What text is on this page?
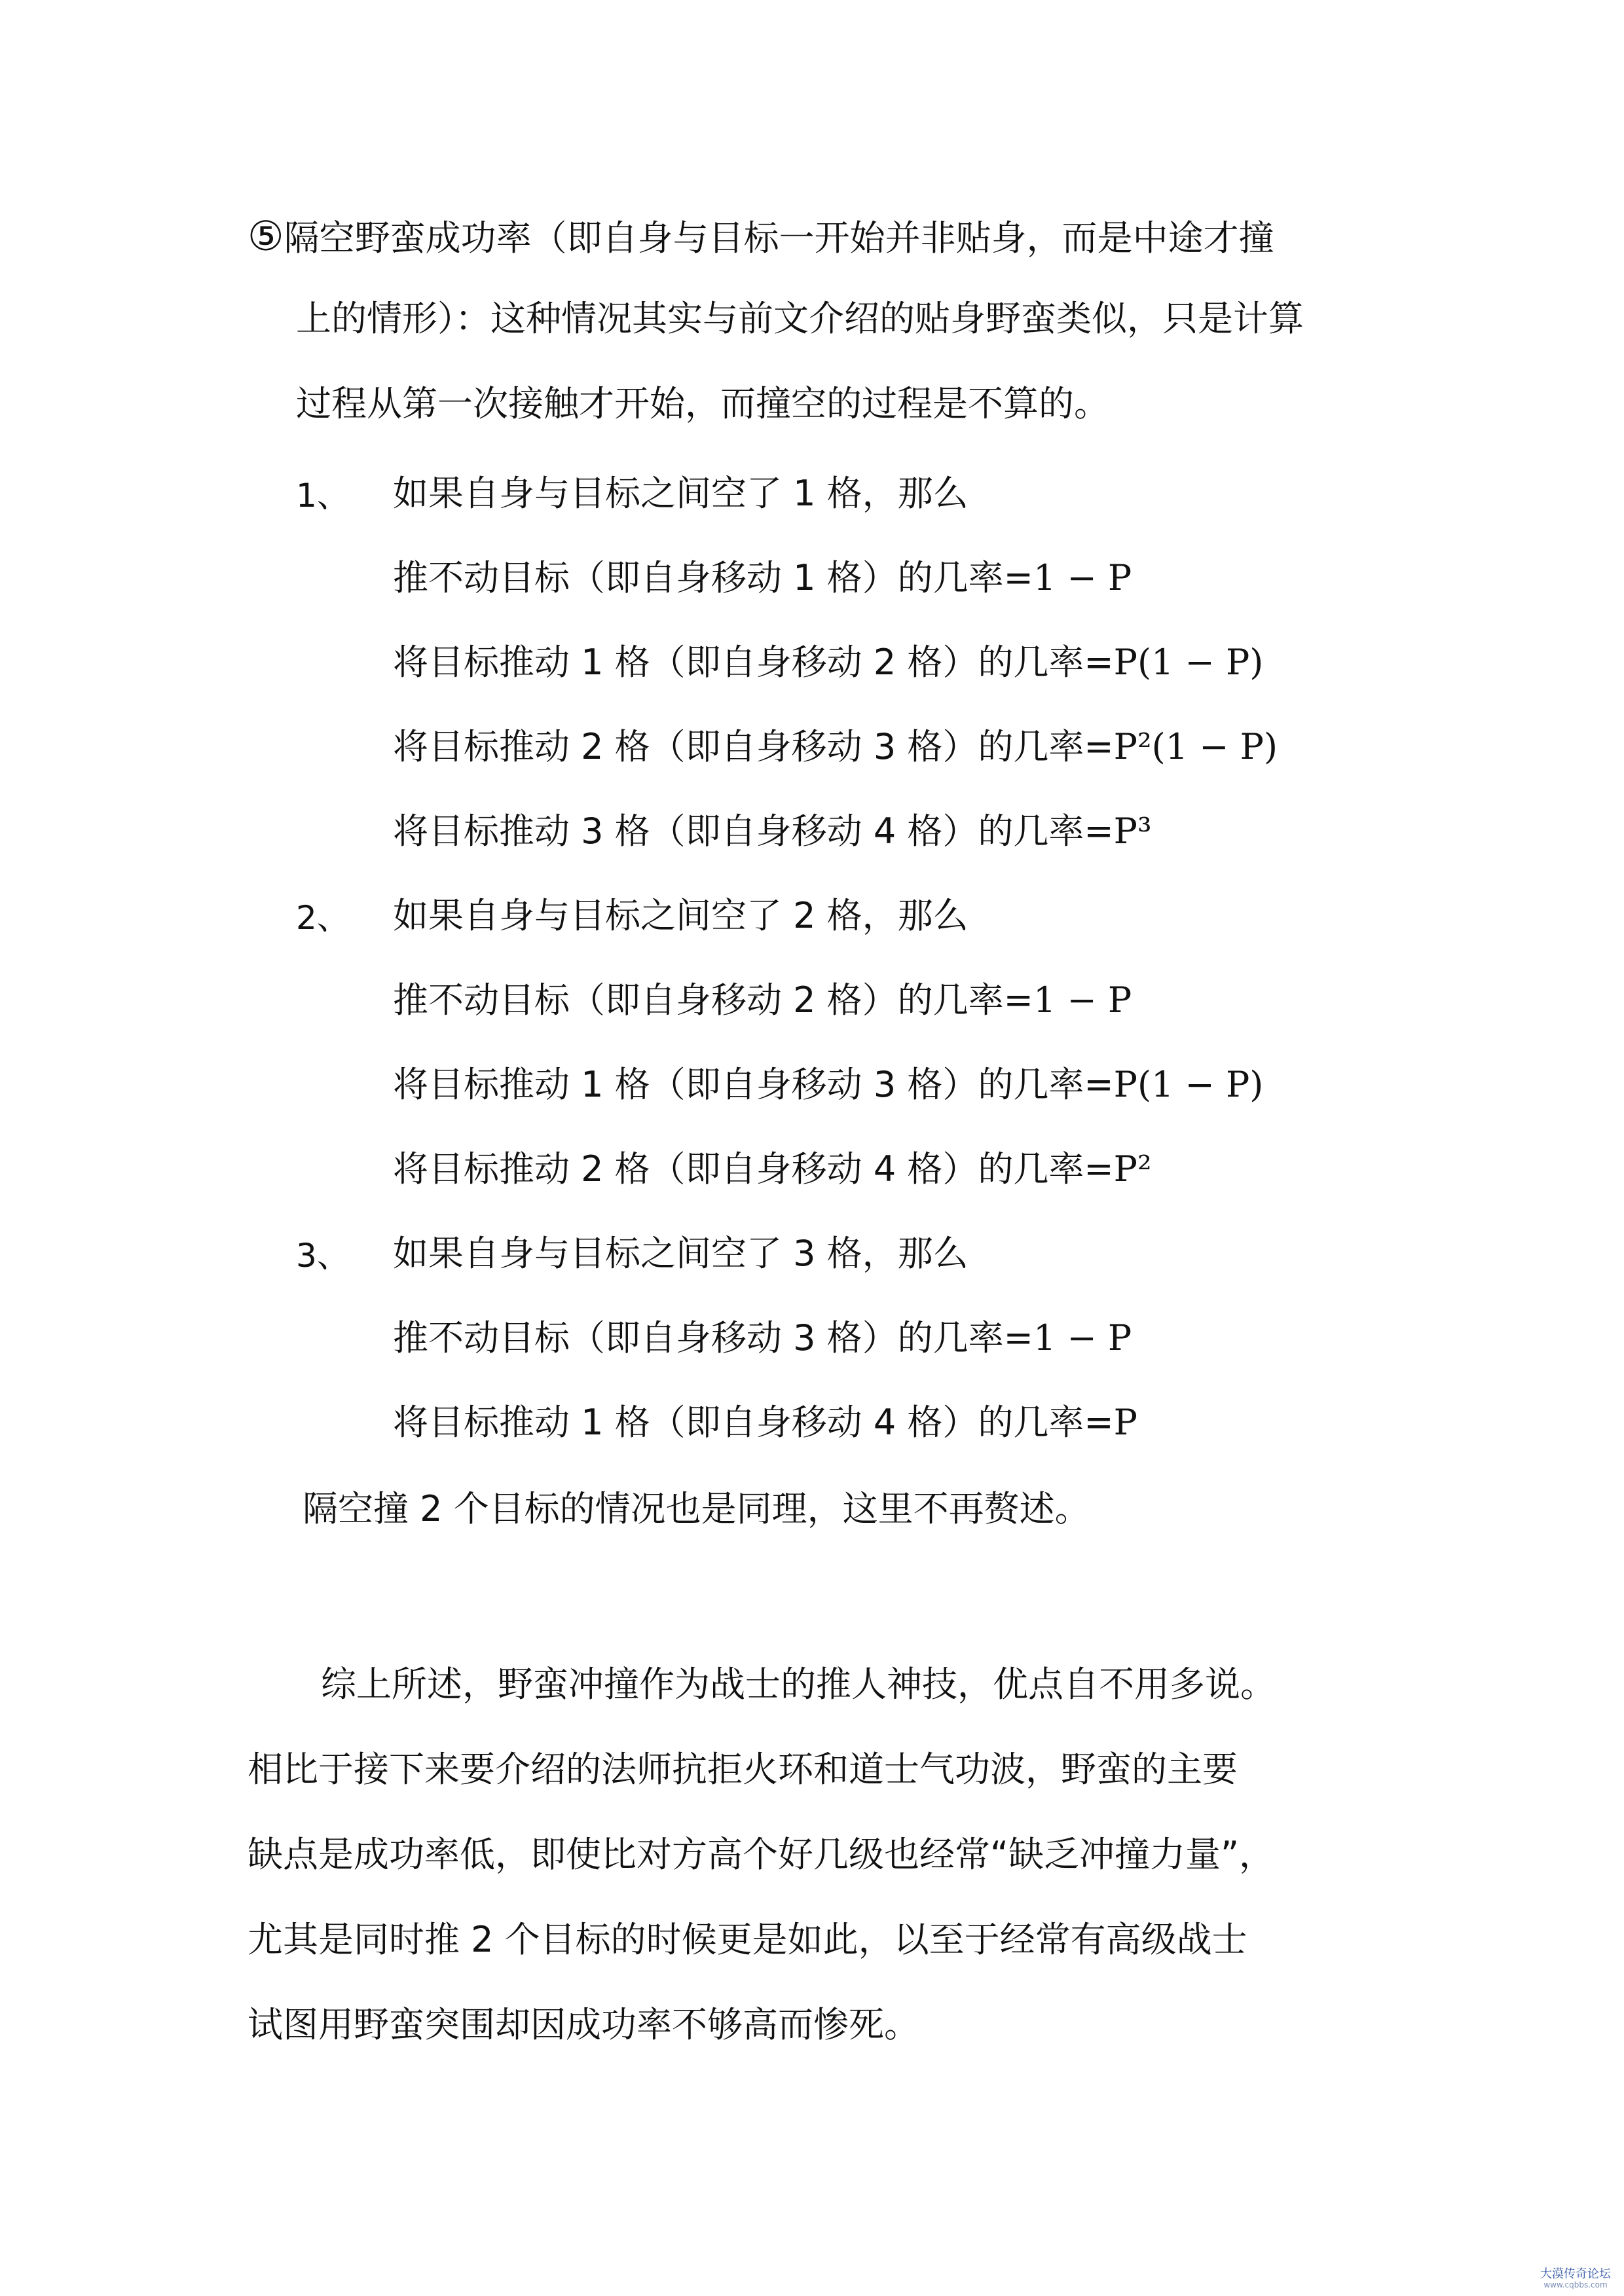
⑤隔空野蛮成功率（即自身与目标一开始并非贴身，而是中途才撞
上的情形）：这种情况其实与前文介绍的贴身野蛮类似，只是计算
过程从第一次接触才开始，而撞空的过程是不算的。
1、 如果自身与目标之间空了 1 格，那么
推不动目标（即自身移动 1 格）的几率=1 − P
将目标推动 1 格（即自身移动 2 格）的几率=P(1 − P)
将目标推动 2 格（即自身移动 3 格）的几率=P²(1 − P)
将目标推动 3 格（即自身移动 4 格）的几率=P³
2、 如果自身与目标之间空了 2 格，那么
推不动目标（即自身移动 2 格）的几率=1 − P
将目标推动 1 格（即自身移动 3 格）的几率=P(1 − P)
将目标推动 2 格（即自身移动 4 格）的几率=P²
3、 如果自身与目标之间空了 3 格，那么
推不动目标（即自身移动 3 格）的几率=1 − P
将目标推动 1 格（即自身移动 4 格）的几率=P
隔空撞 2 个目标的情况也是同理，这里不再赘述。
综上所述，野蛮冲撞作为战士的推人神技，优点自不用多说。
相比于接下来要介绍的法师抗拒火环和道士气功波，野蛮的主要
缺点是成功率低，即使比对方高个好几级也经常“缺乏冲撞力量”，
尤其是同时推 2 个目标的时候更是如此，以至于经常有高级战士
试图用野蛮突围却因成功率不够高而惨死。
大漠传奇论坛
www.cqbbs.com
